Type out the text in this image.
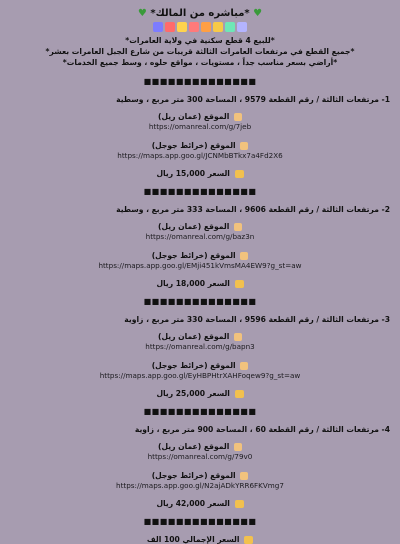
♥ *مباشره من المالك* ♥
*للبيع 4 قطع سكنية في ولاية العامرات*
*جميع القطع في مرتفعات العامرات الثالثة قريبات من شارع الجبل العامرات بعشر*
*أراضي بسعر مناسب جداً ، مستويات ، مواقع حلوه ، وسط جميع الخدمات*
■■■■■■■■■■■■■■
1- مرتفعات الثالثة / رقم القطعة 9579 ، المساحة 300 متر مربع ، وسطية
الموقع (عمان ريل)
https://omanreal.com/g/7jeb
الموقع (خرائط جوجل)
https://maps.app.goo.gl/JCNMbBTkx7a4Fd2X6
السعر 15,000 ريال
■■■■■■■■■■■■■■
2- مرتفعات الثالثة / رقم القطعة 9606 ، المساحة 333 متر مربع ، وسطية
الموقع (عمان ريل)
https://omanreal.com/g/baz3n
الموقع (خرائط جوجل)
https://maps.app.goo.gl/EMji451kVmsMA4EW9?g_st=aw
السعر 18,000 ريال
■■■■■■■■■■■■■■
3- مرتفعات الثالثة / رقم القطعة 9596 ، المساحة 330 متر مربع ، زاوية
الموقع (عمان ريل)
https://omanreal.com/g/bapn3
الموقع (خرائط جوجل)
https://maps.app.goo.gl/EyHBPHtrXAHFoqew9?g_st=aw
السعر 25,000 ريال
■■■■■■■■■■■■■■
4- مرتفعات الثالثة / رقم القطعة 60 ، المساحة 900 متر مربع ، زاوية
الموقع (عمان ريل)
https://omanreal.com/g/79v0
الموقع (خرائط جوجل)
https://maps.app.goo.gl/N2ajADkYRR6FKVmg7
السعر 42,000 ريال
■■■■■■■■■■■■■■
السعر الإجمالي 100 الف
